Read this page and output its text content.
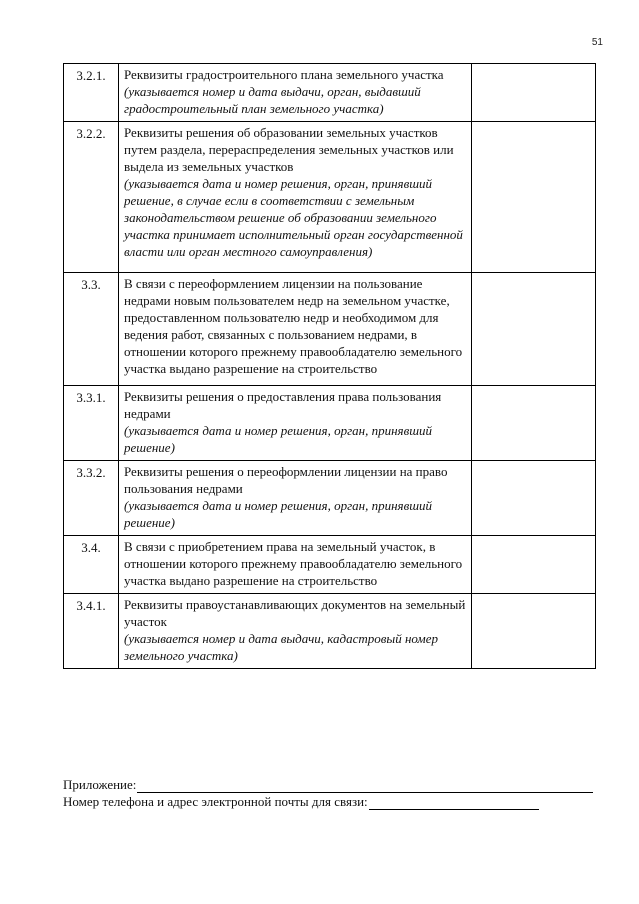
51
3.2.1.	Реквизиты градостроительного плана земельного участка
(указывается номер и дата выдачи, орган, выдавший градостроительный план земельного участка)	

3.2.2.	Реквизиты решения об образовании земельных участков путем раздела, перераспределения земельных участков или выдела из земельных участков
(указывается дата и номер решения, орган, принявший решение, в случае если в соответствии с земельным законодательством решение об образовании земельного участка принимает исполнительный орган государственной власти или орган местного самоуправления)	

3.3.	В связи с переоформлением лицензии на пользование недрами новым пользователем недр на земельном участке, предоставленном пользователю недр и необходимом для ведения работ, связанных с пользованием недрами, в отношении которого прежнему правообладателю земельного участка выдано разрешение на строительство	

3.3.1.	Реквизиты решения о предоставления права пользования недрами
(указывается дата и номер решения, орган, принявший решение)	

3.3.2.	Реквизиты решения о переоформлении лицензии на право пользования недрами
(указывается дата и номер решения, орган, принявший решение)	

3.4.	В связи с приобретением права на земельный участок, в отношении которого прежнему правообладателю земельного участка выдано разрешение на строительство	

3.4.1.	Реквизиты правоустанавливающих документов на земельный участок
(указывается номер и дата выдачи, кадастровый номер земельного участка)	

Приложение:
Номер телефона и адрес электронной почты для связи:
